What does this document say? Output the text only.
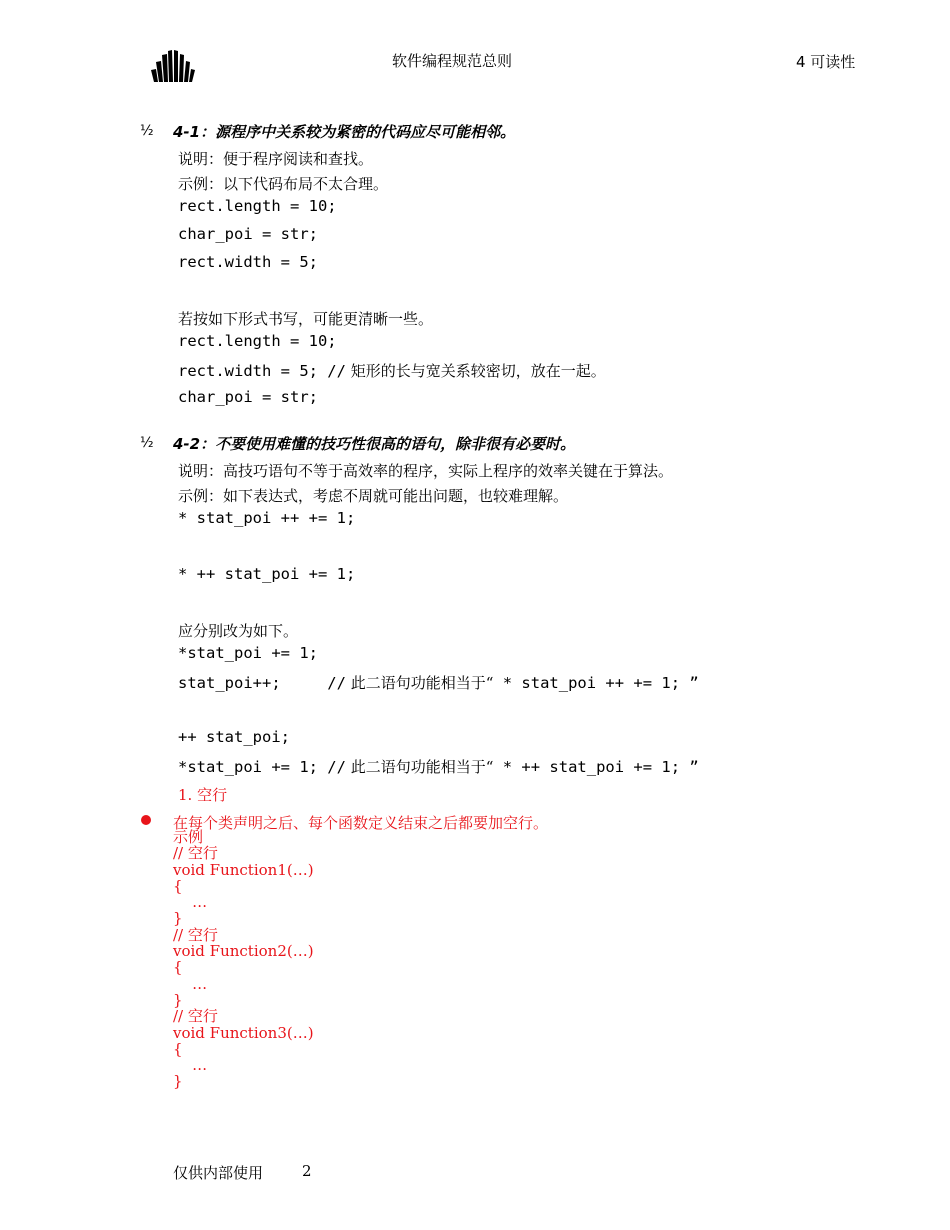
软件编程规范总则	4 可读性
½ 4-1：源程序中关系较为紧密的代码应尽可能相邻。
说明：便于程序阅读和查找。
示例：以下代码布局不太合理。
rect.length = 10;
char_poi = str;
rect.width = 5;
若按如下形式书写，可能更清晰一些。
rect.length = 10;
rect.width = 5; // 矩形的长与宽关系较密切，放在一起。
char_poi = str;
½ 4-2：不要使用难懂的技巧性很高的语句，除非很有必要时。
说明：高技巧语句不等于高效率的程序，实际上程序的效率关键在于算法。
示例：如下表达式，考虑不周就可能出问题，也较难理解。
* stat_poi ++ += 1;
* ++ stat_poi += 1;
应分别改为如下。
*stat_poi += 1;
stat_poi++;     // 此二语句功能相当于“ * stat_poi ++ += 1; ”
++ stat_poi;
*stat_poi += 1; // 此二语句功能相当于“ * ++ stat_poi += 1; ”
1. 空行
在每个类声明之后、每个函数定义结束之后都要加空行。
示例
// 空行
void Function1(…)
{
…
}
// 空行
void Function2(…)
{
…
}
// 空行
void Function3(…)
{
…
}
仅供内部使用	2
